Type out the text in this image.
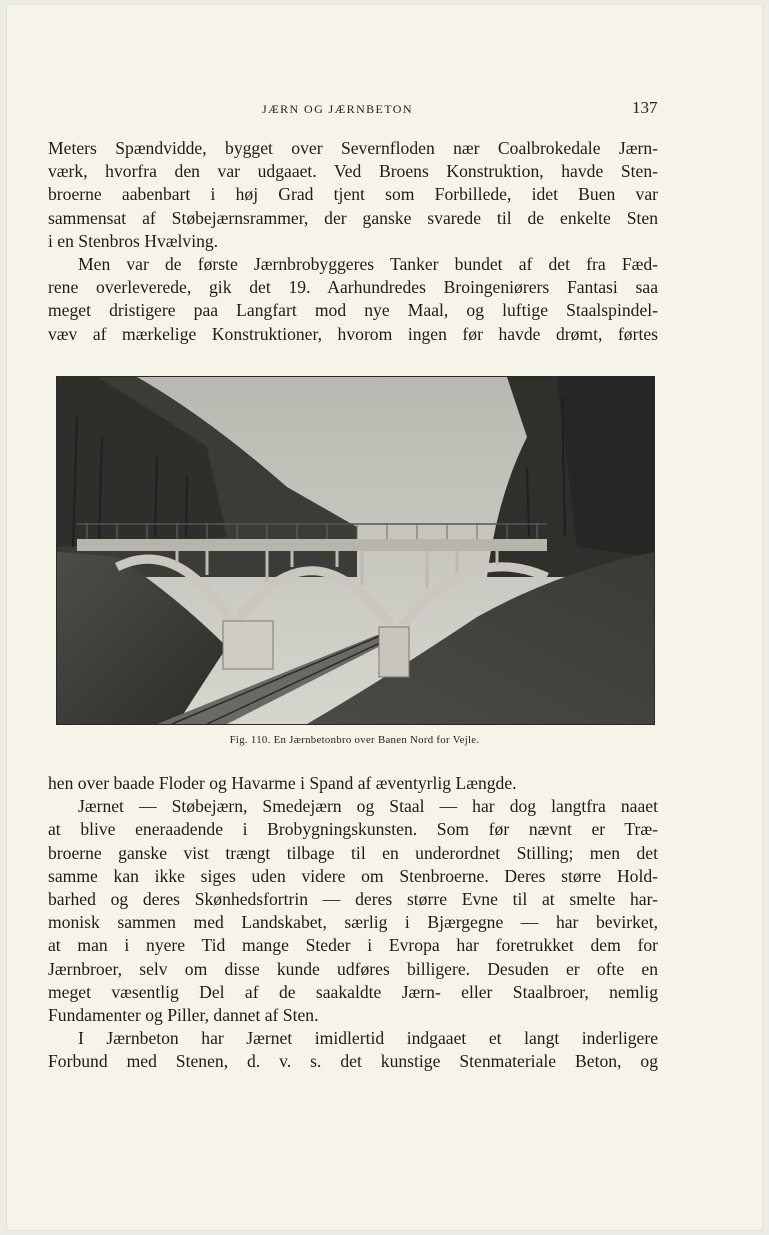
JÆRN OG JÆRNBETON	137
Meters Spændvidde, bygget over Severnfloden nær Coalbrokedale Jærn-
værk, hvorfra den var udgaaet. Ved Broens Konstruktion, havde Sten-
broerne aabenbart i høj Grad tjent som Forbillede, idet Buen var
sammensat af Støbejærnsrammer, der ganske svarede til de enkelte Sten
i en Stenbros Hvælving.
Men var de første Jærnbrobyggeres Tanker bundet af det fra Fæd-
rene overleverede, gik det 19. Aarhundredes Broingeniørers Fantasi saa
meget dristigere paa Langfart mod nye Maal, og luftige Staalspindel-
væv af mærkelige Konstruktioner, hvorom ingen før havde drømt, førtes
Fig. 110. En Jærnbetonbro over Banen Nord for Vejle.
hen over baade Floder og Havarme i Spand af æventyrlig Længde.
Jærnet — Støbejærn, Smedejærn og Staal — har dog langtfra naaet
at blive eneraadende i Brobygningskunsten. Som før nævnt er Træ-
broerne ganske vist trængt tilbage til en underordnet Stilling; men det
samme kan ikke siges uden videre om Stenbroerne. Deres større Hold-
barhed og deres Skønhedsfortrin — deres større Evne til at smelte har-
monisk sammen med Landskabet, særlig i Bjærgegne — har bevirket,
at man i nyere Tid mange Steder i Evropa har foretrukket dem for
Jærnbroer, selv om disse kunde udføres billigere. Desuden er ofte en
meget væsentlig Del af de saakaldte Jærn- eller Staalbroer, nemlig
Fundamenter og Piller, dannet af Sten.
I Jærnbeton har Jærnet imidlertid indgaaet et langt inderligere
Forbund med Stenen, d. v. s. det kunstige Stenmateriale Beton, og
